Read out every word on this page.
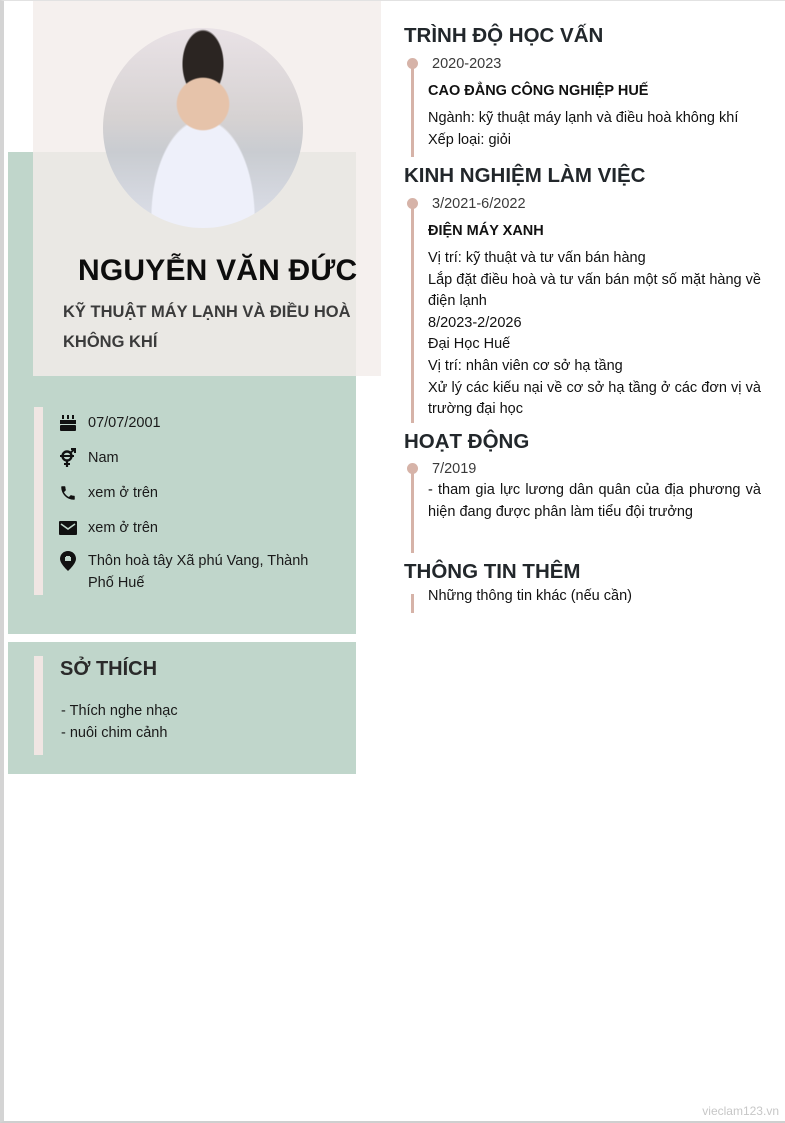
NGUYỄN VĂN ĐỨC
KỸ THUẬT MÁY LẠNH VÀ ĐIỀU HOÀ KHÔNG KHÍ
07/07/2001
Nam
xem ở trên
xem ở trên
Thôn hoà tây Xã phú Vang, Thành Phố Huế
SỞ THÍCH
- Thích nghe nhạc
- nuôi chim cảnh
TRÌNH ĐỘ HỌC VẤN
2020-2023
CAO ĐẲNG CÔNG NGHIỆP HUẾ
Ngành: kỹ thuật máy lạnh và điều hoà không khí
Xếp loại: giỏi
KINH NGHIỆM LÀM VIỆC
3/2021-6/2022
ĐIỆN MÁY XANH
Vị trí: kỹ thuật và tư vấn bán hàng
Lắp đặt điều hoà và tư vấn bán một số mặt hàng về điện lạnh
8/2023-2/2026
Đại Học Huế
Vị trí: nhân viên cơ sở hạ tầng
Xử lý các kiếu nại về cơ sở hạ tầng ở các đơn vị và trường đại học
HOẠT ĐỘNG
7/2019
- tham gia lực lương dân quân của địa phương và hiện đang được phân làm tiểu đội trưởng
THÔNG TIN THÊM
Những thông tin khác (nếu cần)
vieclam123.vn
